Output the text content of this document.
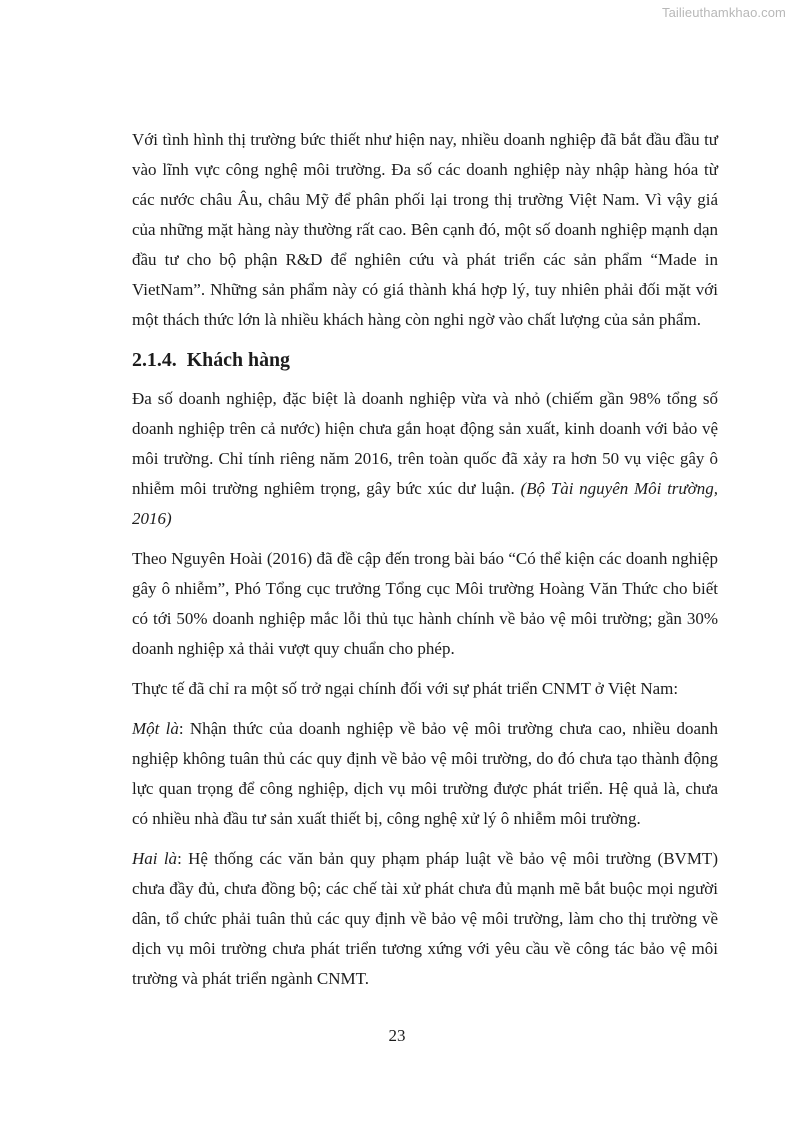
Tailieuthamkhao.com

Với tình hình thị trường bức thiết như hiện nay, nhiều doanh nghiệp đã bắt đầu đầu tư vào lĩnh vực công nghệ môi trường. Đa số các doanh nghiệp này nhập hàng hóa từ các nước châu Âu, châu Mỹ để phân phối lại trong thị trường Việt Nam. Vì vậy giá của những mặt hàng này thường rất cao. Bên cạnh đó, một số doanh nghiệp mạnh dạn đầu tư cho bộ phận R&D để nghiên cứu và phát triển các sản phẩm “Made in VietNam”. Những sản phẩm này có giá thành khá hợp lý, tuy nhiên phải đối mặt với một thách thức lớn là nhiều khách hàng còn nghi ngờ vào chất lượng của sản phẩm.

2.1.4. Khách hàng

Đa số doanh nghiệp, đặc biệt là doanh nghiệp vừa và nhỏ (chiếm gần 98% tổng số doanh nghiệp trên cả nước) hiện chưa gắn hoạt động sản xuất, kinh doanh với bảo vệ môi trường. Chỉ tính riêng năm 2016, trên toàn quốc đã xảy ra hơn 50 vụ việc gây ô nhiễm môi trường nghiêm trọng, gây bức xúc dư luận. (Bộ Tài nguyên Môi trường, 2016)

Theo Nguyên Hoài (2016) đã đề cập đến trong bài báo “Có thể kiện các doanh nghiệp gây ô nhiễm”, Phó Tổng cục trưởng Tổng cục Môi trường Hoàng Văn Thức cho biết có tới 50% doanh nghiệp mắc lỗi thủ tục hành chính về bảo vệ môi trường; gần 30% doanh nghiệp xả thải vượt quy chuẩn cho phép.

Thực tế đã chỉ ra một số trở ngại chính đối với sự phát triển CNMT ở Việt Nam:

Một là: Nhận thức của doanh nghiệp về bảo vệ môi trường chưa cao, nhiều doanh nghiệp không tuân thủ các quy định về bảo vệ môi trường, do đó chưa tạo thành động lực quan trọng để công nghiệp, dịch vụ môi trường được phát triển. Hệ quả là, chưa có nhiều nhà đầu tư sản xuất thiết bị, công nghệ xử lý ô nhiễm môi trường.

Hai là: Hệ thống các văn bản quy phạm pháp luật về bảo vệ môi trường (BVMT) chưa đầy đủ, chưa đồng bộ; các chế tài xử phát chưa đủ mạnh mẽ bắt buộc mọi người dân, tổ chức phải tuân thủ các quy định về bảo vệ môi trường, làm cho thị trường về dịch vụ môi trường chưa phát triển tương xứng với yêu cầu về công tác bảo vệ môi trường và phát triển ngành CNMT.

23
